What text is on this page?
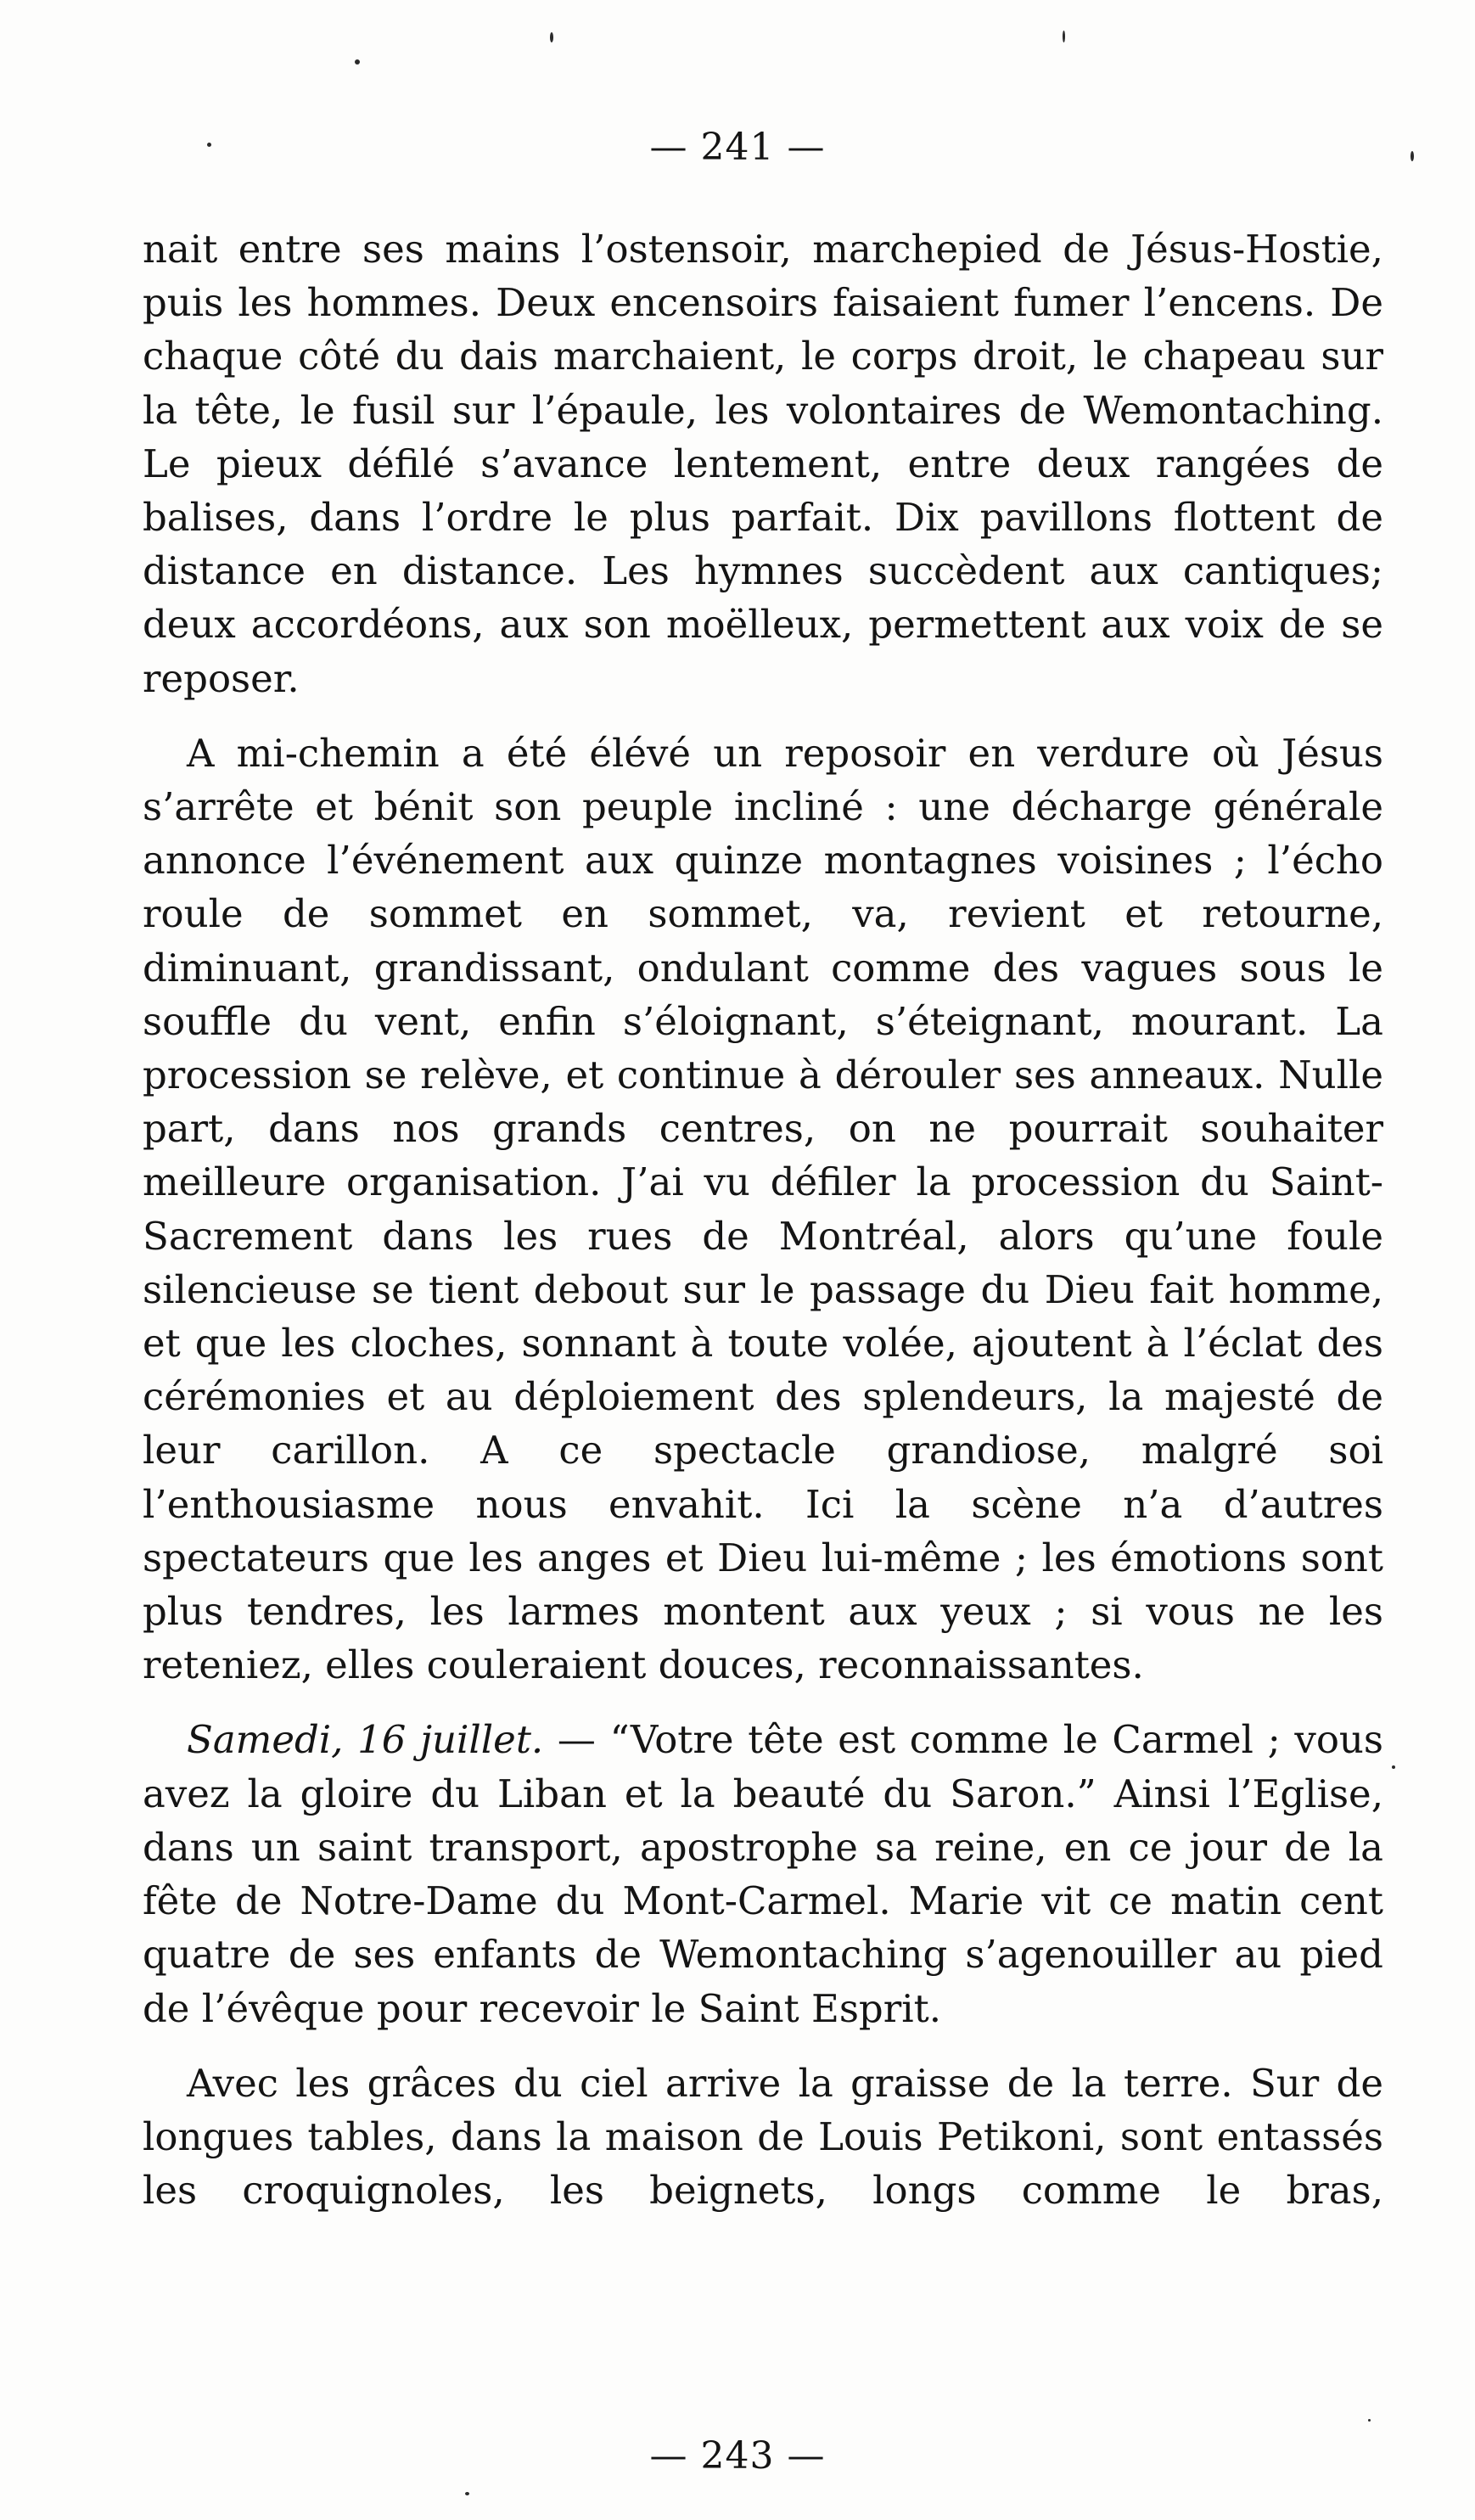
— 241 —

nait entre ses mains l’ostensoir, marchepied de Jésus-Hostie, puis les hommes. Deux encensoirs faisaient fumer l’encens. De chaque côté du dais marchaient, le corps droit, le chapeau sur la tête, le fusil sur l’épaule, les volontaires de Wemontaching. Le pieux défilé s’avance lentement, entre deux rangées de balises, dans l’ordre le plus parfait. Dix pavillons flottent de distance en distance. Les hymnes succèdent aux cantiques; deux accordéons, aux son moëlleux, permettent aux voix de se reposer.

A mi-chemin a été élévé un reposoir en verdure où Jésus s’arrête et bénit son peuple incliné : une décharge générale annonce l’événement aux quinze montagnes voisines ; l’écho roule de sommet en sommet, va, revient et retourne, diminuant, grandissant, ondulant comme des vagues sous le souffle du vent, enfin s’éloignant, s’éteignant, mourant. La procession se relève, et continue à dérouler ses anneaux. Nulle part, dans nos grands centres, on ne pourrait souhaiter meilleure organisation. J’ai vu défiler la procession du Saint-Sacrement dans les rues de Montréal, alors qu’une foule silencieuse se tient debout sur le passage du Dieu fait homme, et que les cloches, sonnant à toute volée, ajoutent à l’éclat des cérémonies et au déploiement des splendeurs, la majesté de leur carillon. A ce spectacle grandiose, malgré soi l’enthousiasme nous envahit. Ici la scène n’a d’autres spectateurs que les anges et Dieu lui-même ; les émotions sont plus tendres, les larmes montent aux yeux ; si vous ne les reteniez, elles couleraient douces, reconnaissantes.

Samedi, 16 juillet. — “Votre tête est comme le Carmel ; vous avez la gloire du Liban et la beauté du Saron.” Ainsi l’Eglise, dans un saint transport, apostrophe sa reine, en ce jour de la fête de Notre-Dame du Mont-Carmel. Marie vit ce matin cent quatre de ses enfants de Wemontaching s’agenouiller au pied de l’évêque pour recevoir le Saint Esprit.

Avec les grâces du ciel arrive la graisse de la terre. Sur de longues tables, dans la maison de Louis Petikoni, sont entassés les croquignoles, les beignets, longs comme le bras,

— 243 —
